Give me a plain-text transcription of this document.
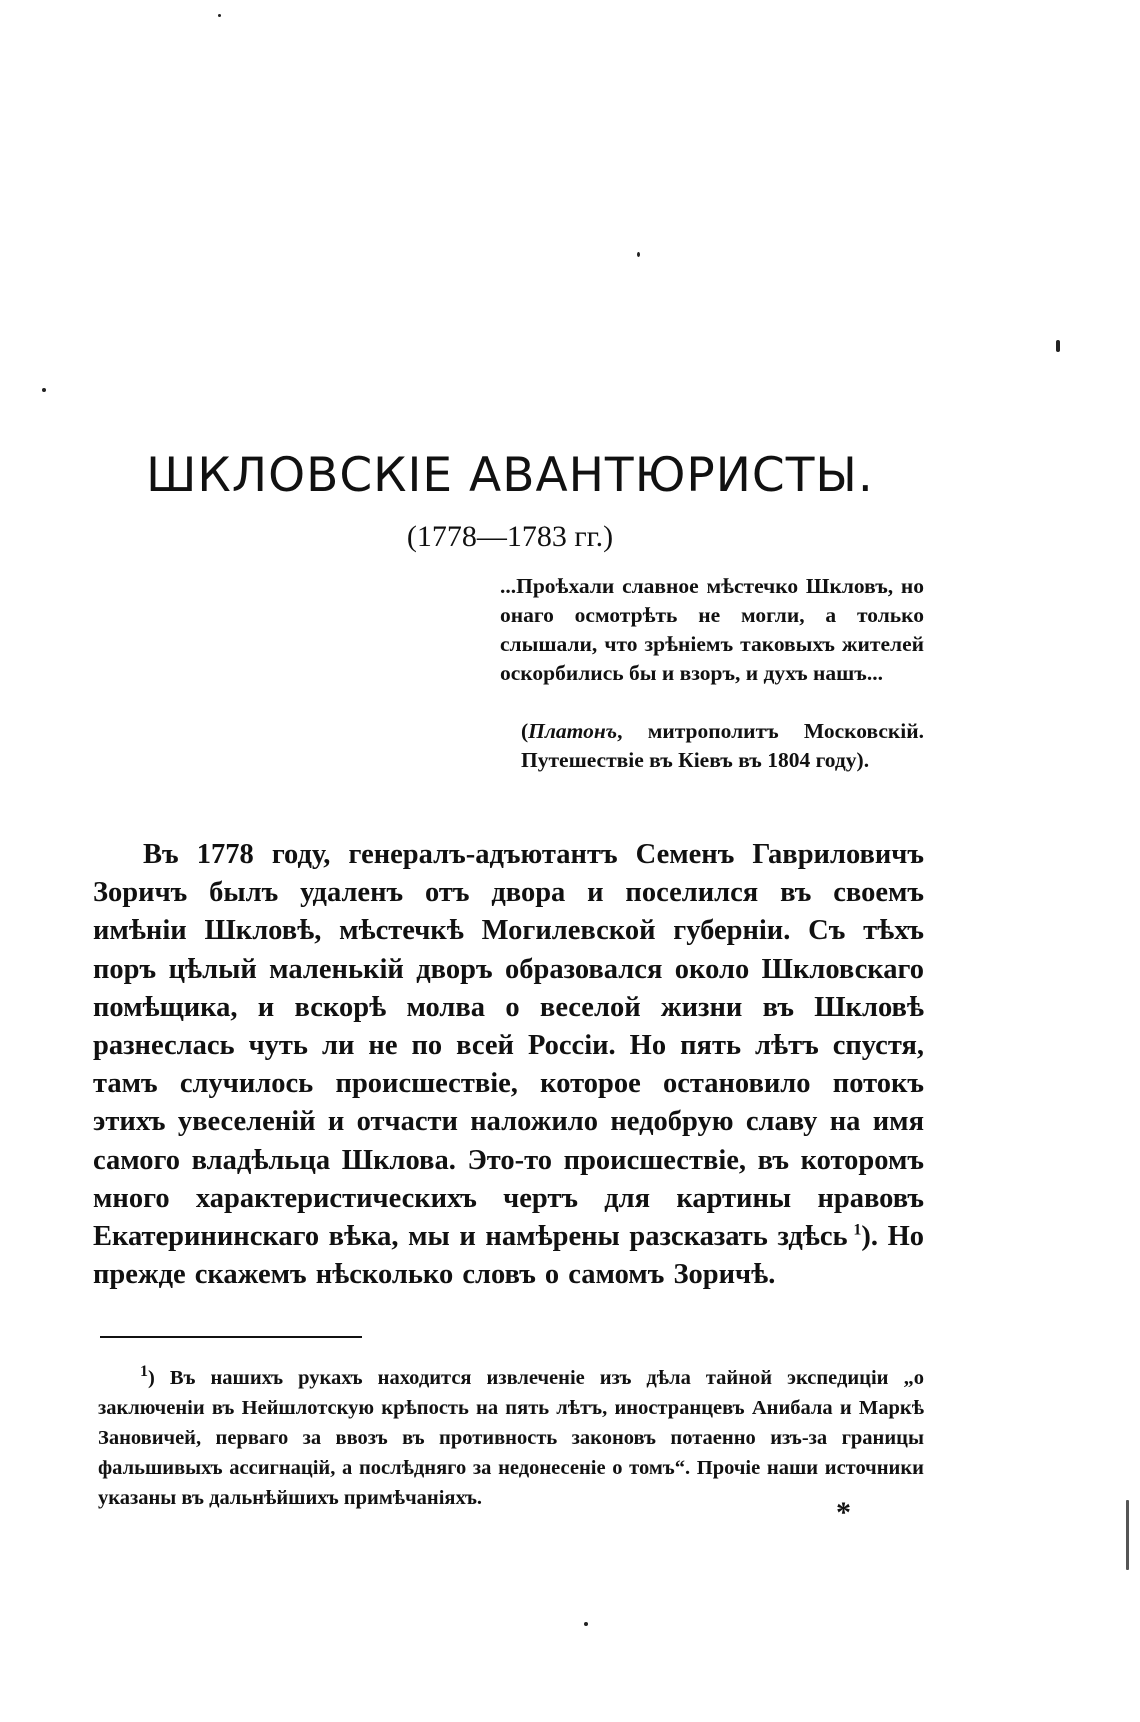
ШКЛОВСКІЕ АВАНТЮРИСТЫ.

(1778—1783 гг.)

...Проѣхали славное мѣстечко Шкловъ, но онаго осмотрѣть не могли, а только слышали, что зрѣніемъ таковыхъ жителей оскорбились бы и взоръ, и духъ нашъ...

(Платонъ, митрополитъ Московскій. Путешествіе въ Кіевъ въ 1804 году).

Въ 1778 году, генералъ-адъютантъ Семенъ Гавриловичъ Зоричъ былъ удаленъ отъ двора и поселился въ своемъ имѣніи Шкловѣ, мѣстечкѣ Могилевской губерніи. Съ тѣхъ поръ цѣлый маленькій дворъ образовался около Шкловскаго помѣщика, и вскорѣ молва о веселой жизни въ Шкловѣ разнеслась чуть ли не по всей Россіи. Но пять лѣтъ спустя, тамъ случилось происшествіе, которое остановило потокъ этихъ увеселеній и отчасти наложило недобрую славу на имя самого владѣльца Шклова. Это-то происшествіе, въ которомъ много характеристическихъ чертъ для картины нравовъ Екатерининскаго вѣка, мы и намѣрены разсказать здѣсь  $^1$). Но прежде скажемъ нѣсколько словъ о самомъ Зоричѣ.

$^1$) Въ нашихъ рукахъ находится извлеченіе изъ дѣла тайной экспедиціи „о заключеніи въ Нейшлотскую крѣпость на пять лѣтъ, иностранцевъ Анибала и Маркѣ Зановичей, перваго за ввозъ въ противность законовъ потаенно изъ-за границы фальшивыхъ ассигнацій, а послѣдняго за недонесеніе о томъ“. Прочіе наши источники указаны въ дальнѣйшихъ примѣчаніяхъ.	*
